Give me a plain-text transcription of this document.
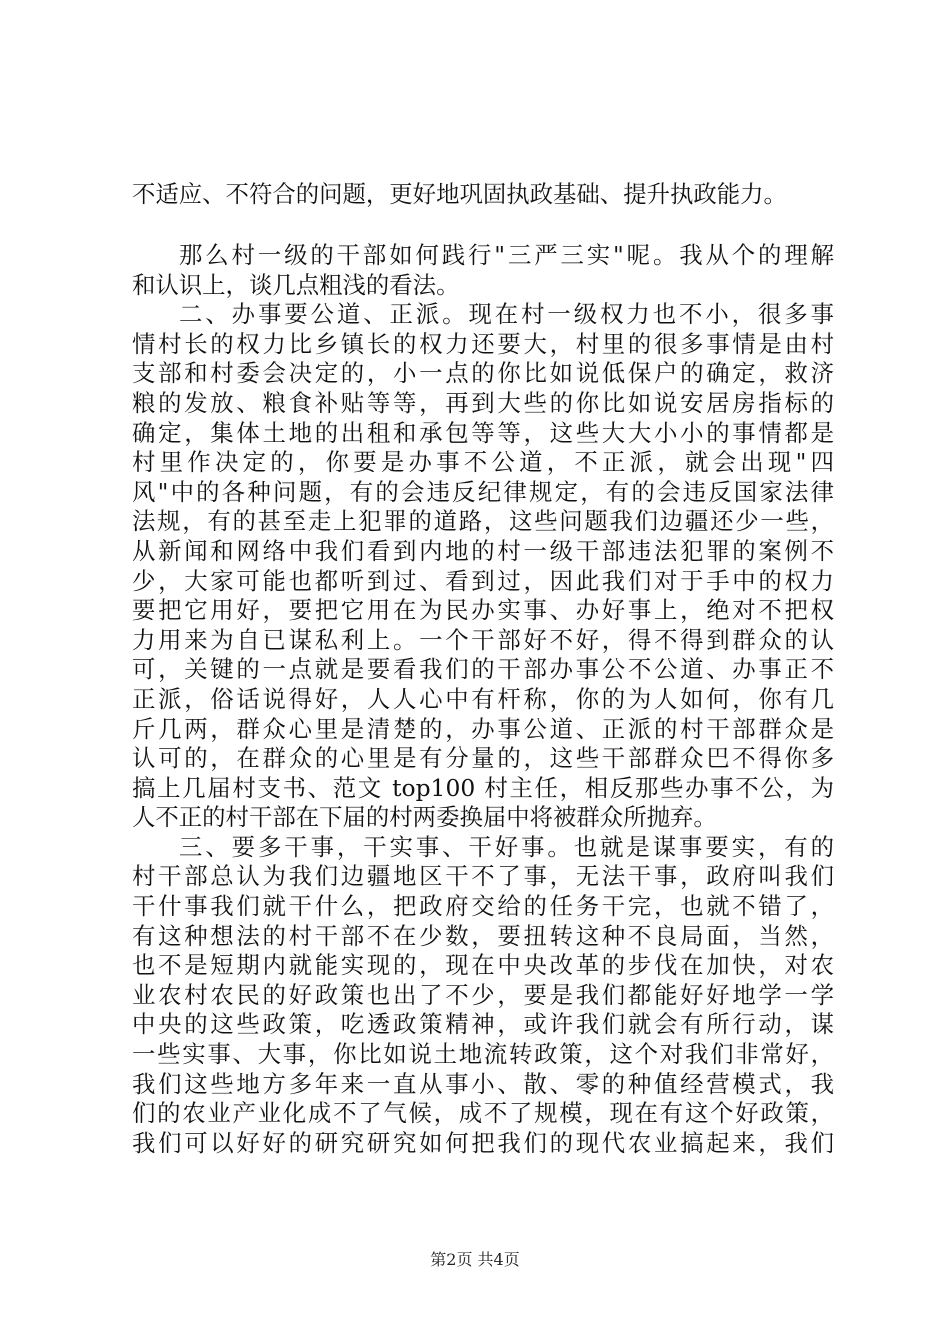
不适应、不符合的问题，更好地巩固执政基础、提升执政能力。
那么村一级的干部如何践行"三严三实"呢。我从个的理解
和认识上，谈几点粗浅的看法。
二、办事要公道、正派。现在村一级权力也不小，很多事
情村长的权力比乡镇长的权力还要大，村里的很多事情是由村
支部和村委会决定的，小一点的你比如说低保户的确定，救济
粮的发放、粮食补贴等等，再到大些的你比如说安居房指标的
确定，集体土地的出租和承包等等，这些大大小小的事情都是
村里作决定的，你要是办事不公道，不正派，就会出现"四
风"中的各种问题，有的会违反纪律规定，有的会违反国家法律
法规，有的甚至走上犯罪的道路，这些问题我们边疆还少一些，
从新闻和网络中我们看到内地的村一级干部违法犯罪的案例不
少，大家可能也都听到过、看到过，因此我们对于手中的权力
要把它用好，要把它用在为民办实事、办好事上，绝对不把权
力用来为自已谋私利上。一个干部好不好，得不得到群众的认
可，关键的一点就是要看我们的干部办事公不公道、办事正不
正派，俗话说得好，人人心中有杆称，你的为人如何，你有几
斤几两，群众心里是清楚的，办事公道、正派的村干部群众是
认可的，在群众的心里是有分量的，这些干部群众巴不得你多
搞上几届村支书、范文 top100 村主任，相反那些办事不公，为
人不正的村干部在下届的村两委换届中将被群众所抛弃。
三、要多干事，干实事、干好事。也就是谋事要实，有的
村干部总认为我们边疆地区干不了事，无法干事，政府叫我们
干什事我们就干什么，把政府交给的任务干完，也就不错了，
有这种想法的村干部不在少数，要扭转这种不良局面，当然，
也不是短期内就能实现的，现在中央改革的步伐在加快，对农
业农村农民的好政策也出了不少，要是我们都能好好地学一学
中央的这些政策，吃透政策精神，或许我们就会有所行动，谋
一些实事、大事，你比如说土地流转政策，这个对我们非常好，
我们这些地方多年来一直从事小、散、零的种值经营模式，我
们的农业产业化成不了气候，成不了规模，现在有这个好政策，
我们可以好好的研究研究如何把我们的现代农业搞起来，我们
第2页 共4页
